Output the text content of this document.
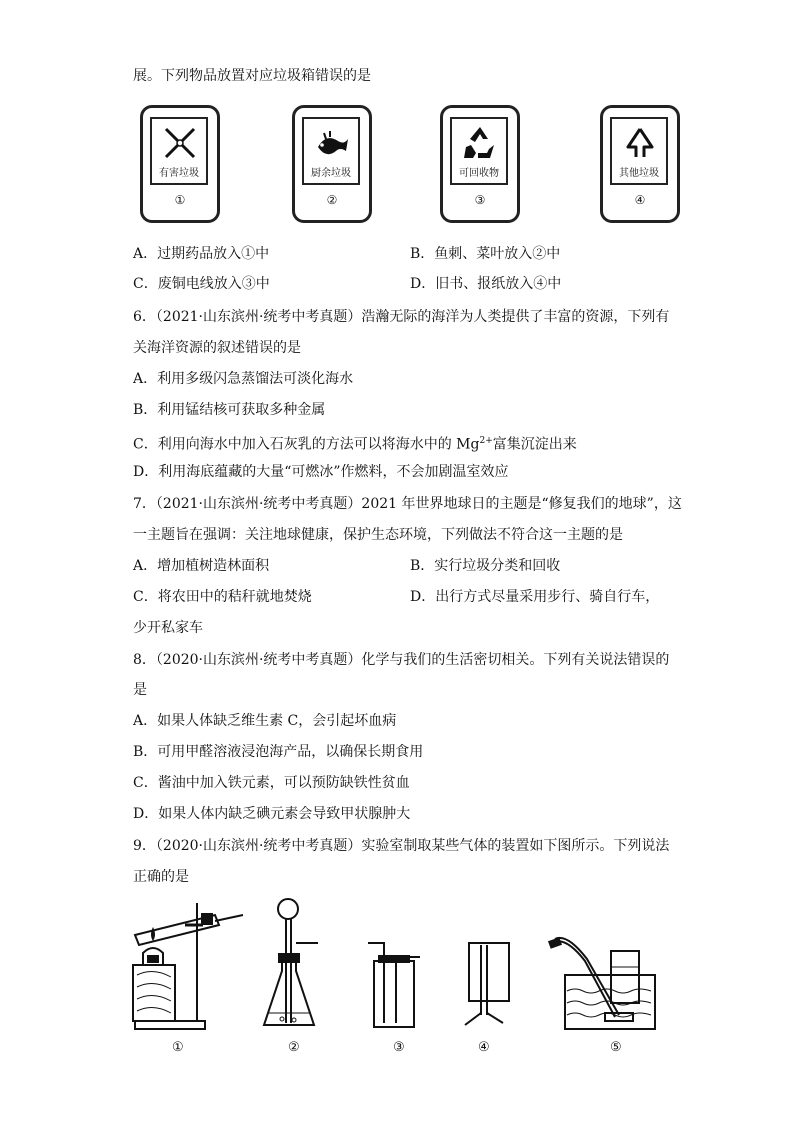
展。下列物品放置对应垃圾箱错误的是
有害垃圾
①
厨余垃圾
②
可回收物
③
其他垃圾
④
A．过期药品放入①中	B．鱼刺、菜叶放入②中
C．废铜电线放入③中	D．旧书、报纸放入④中
6．（2021·山东滨州·统考中考真题）浩瀚无际的海洋为人类提供了丰富的资源，下列有
关海洋资源的叙述错误的是
A．利用多级闪急蒸馏法可淡化海水
B．利用锰结核可获取多种金属
C．利用向海水中加入石灰乳的方法可以将海水中的 $Mg^{2+}$富集沉淀出来
D．利用海底蕴藏的大量“可燃冰”作燃料，不会加剧温室效应
7．（2021·山东滨州·统考中考真题）2021 年世界地球日的主题是“修复我们的地球”，这
一主题旨在强调：关注地球健康，保护生态环境，下列做法不符合这一主题的是
A．增加植树造林面积	B．实行垃圾分类和回收
C．将农田中的秸秆就地焚烧	D．出行方式尽量采用步行、骑自行车，
少开私家车
8．（2020·山东滨州·统考中考真题）化学与我们的生活密切相关。下列有关说法错误的
是
A．如果人体缺乏维生素 C，会引起坏血病
B．可用甲醛溶液浸泡海产品，以确保长期食用
C．酱油中加入铁元素，可以预防缺铁性贫血
D．如果人体内缺乏碘元素会导致甲状腺肿大
9．（2020·山东滨州·统考中考真题）实验室制取某些气体的装置如下图所示。下列说法
正确的是
①	②	③	④	⑤
